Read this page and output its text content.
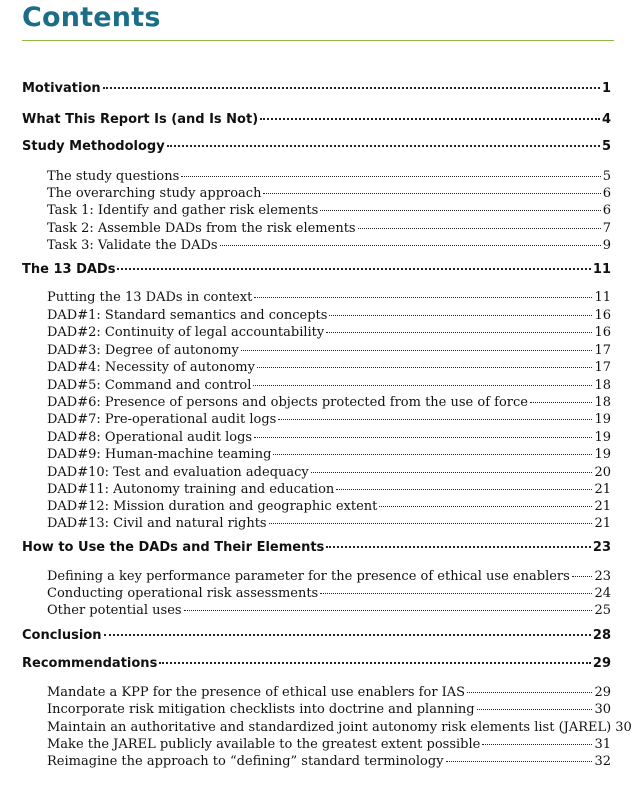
Contents
Motivation	1
What This Report Is (and Is Not)	4
Study Methodology	5
The study questions	5
The overarching study approach	6
Task 1: Identify and gather risk elements	6
Task 2: Assemble DADs from the risk elements	7
Task 3: Validate the DADs	9
The 13 DADs	11
Putting the 13 DADs in context	11
DAD#1: Standard semantics and concepts	16
DAD#2: Continuity of legal accountability	16
DAD#3: Degree of autonomy	17
DAD#4: Necessity of autonomy	17
DAD#5: Command and control	18
DAD#6: Presence of persons and objects protected from the use of force	18
DAD#7: Pre-operational audit logs	19
DAD#8: Operational audit logs	19
DAD#9: Human-machine teaming	19
DAD#10: Test and evaluation adequacy	20
DAD#11: Autonomy training and education	21
DAD#12: Mission duration and geographic extent	21
DAD#13: Civil and natural rights	21
How to Use the DADs and Their Elements	23
Defining a key performance parameter for the presence of ethical use enablers 23
Conducting operational risk assessments	24
Other potential uses	25
Conclusion	28
Recommendations	29
Mandate a KPP for the presence of ethical use enablers for IAS	29
Incorporate risk mitigation checklists into doctrine and planning	30
Maintain an authoritative and standardized joint autonomy risk elements list (JAREL) 30
Make the JAREL publicly available to the greatest extent possible	31
Reimagine the approach to “defining” standard terminology	32
